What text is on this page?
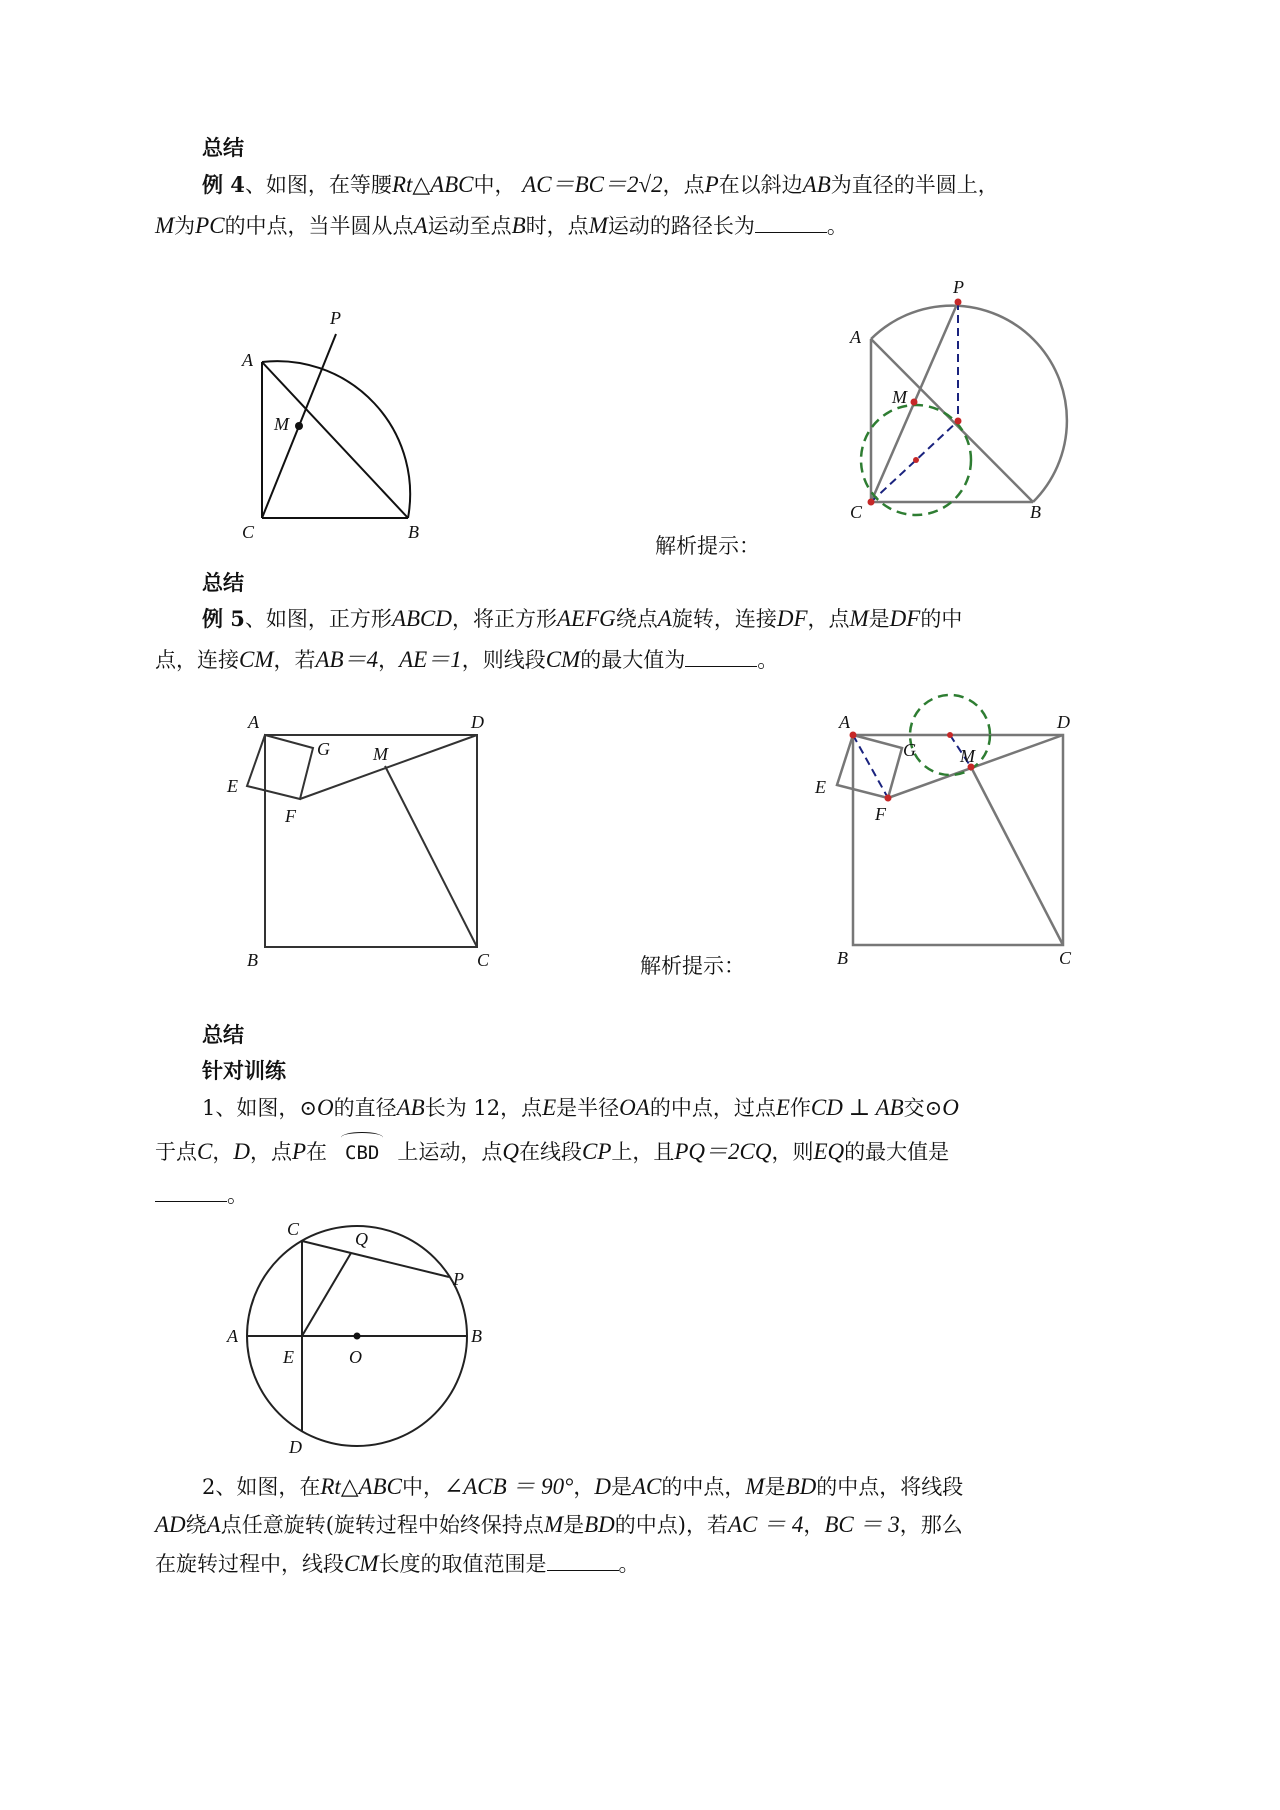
总结
例 4、如图，在等腰Rt△ABC中， AC＝BC＝2√2，点P在以斜边AB为直径的半圆上，
M为PC的中点，当半圆从点A运动至点B时，点M运动的路径长为	。
P
A
M
C	B
P
A
M
C	B
解析提示：
总结
例 5、如图，正方形ABCD，将正方形AEFG绕点A旋转，连接DF，点M是DF的中
点，连接CM，若AB＝4，AE＝1，则线段CM的最大值为	。
A	D
G M
E
F
B	C	解析提示：
A	D
G M
E
F
B	C
总结
针对训练
1、如图，⊙O的直径AB长为 12，点E是半径OA的中点，过点E作CD ⊥ AB交⊙O
于点C，D，点P在 CBD 上运动，点Q在线段CP上，且PQ＝2CQ，则EQ的最大值是
。
C	Q
P
A	B
E	O
D
2、如图，在Rt△ABC中，∠ACB ＝ 90°，D是AC的中点，M是BD的中点，将线段
AD绕A点任意旋转(旋转过程中始终保持点M是BD的中点)，若AC ＝ 4，BC ＝ 3，那么
在旋转过程中，线段CM长度的取值范围是	。
